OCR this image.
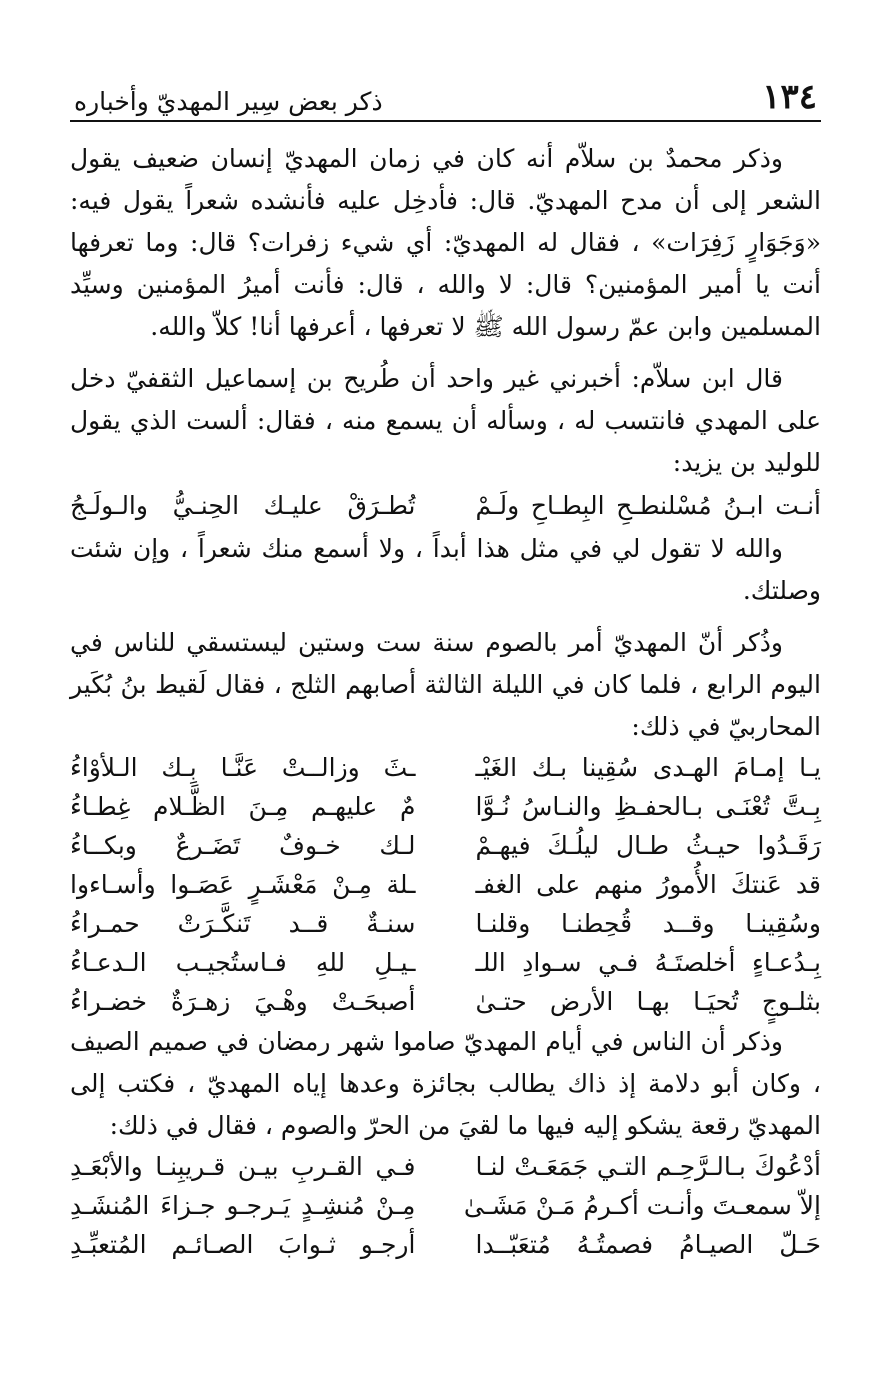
١٣٤
ذكر بعض سِير المهديّ وأخباره

وذكر محمدٌ بن سلاّم أنه كان في زمان المهديّ إنسان ضعيف يقول الشعر إلى أن مدح المهديّ. قال: فأدخِل عليه فأنشده شعراً يقول فيه: «وَجَوَارٍ زَفِرَات» ، فقال له المهديّ: أي شيء زفرات؟ قال: وما تعرفها أنت يا أمير المؤمنين؟ قال: لا والله ، قال: فأنت أميرُ المؤمنين وسيِّد المسلمين وابن عمّ رسول الله ﷺ لا تعرفها ، أعرفها أنا! كلاّ والله.

قال ابن سلاّم: أخبرني غير واحد أن طُريح بن إسماعيل الثقفيّ دخل على المهدي فانتسب له ، وسأله أن يسمع منه ، فقال: ألست الذي يقول للوليد بن يزيد:

أنـت ابـنُ مُسْلنطـحِ البِطـاحِ ولَـمْ
تُطـرَقْ عليـك الحِنـيُّ والـولَـجُ

والله لا تقول لي في مثل هذا أبداً ، ولا أسمع منك شعراً ، وإن شئت وصلتك.

وذُكر أنّ المهديّ أمر بالصوم سنة ست وستين ليستسقي للناس في اليوم الرابع ، فلما كان في الليلة الثالثة أصابهم الثلج ، فقال لَقيط بنُ بُكَير المحاربيّ في ذلك:

يـا إمـامَ الهـدى سُقِينا بـك الغَيْـ
ـثَ وزالــتْ عَنَّـا بِـك الـلأوْاءُ
بِـتَّ تُعْنَـى بـالحفـظِ والنـاسُ نُـوَّا
مٌ عليهـم مِـنَ الظَّـلام غِطـاءُ
رَقَـدُوا حيـثُ طـال ليلُـكَ فيهـمْ
لـك خـوفٌ تَضَـرعٌ وبكــاءُ
قد عَنتكَ الأُمورُ منهم على الغفـ
ـلة مِـنْ مَعْشَـرٍ عَصَـوا وأسـاءوا
وسُقِينـا وقــد قُحِطنـا وقلنـا
سنـةٌ قــد تَنكَّـرَتْ حمـراءُ
بِـدُعـاءٍ أخلصتَـهُ فـي سـوادِ اللـ
ـيـلِ للهِ فـاستُجيـب الـدعـاءُ
بثلـوجٍ تُحيَـا بهـا الأرض حتـىٰ
أصبحَـتْ وهْـيَ زهـرَةٌ خضـراءُ

وذكر أن الناس في أيام المهديّ صاموا شهر رمضان في صميم الصيف ، وكان أبو دلامة إذ ذاك يطالب بجائزة وعدها إياه المهديّ ، فكتب إلى المهديّ رقعة يشكو إليه فيها ما لقيَ من الحرّ والصوم ، فقال في ذلك:

أدْعُوكَ بـالـرَّحِـم التـي جَمَعَـتْ لنـا
فـي القـربِ بيـن قـريبِنـا والأبْعَـدِ
إلاّ سمعـتَ وأنـت أكـرمُ مَـنْ مَشَـىٰ
مِـنْ مُنشِـدٍ يَـرجـو جـزاءَ المُنشَـدِ
حَـلّ الصيـامُ فصمتُـهُ مُتعَبّــدا
أرجـو ثـوابَ الصـائـم المُتعبِّـدِ
